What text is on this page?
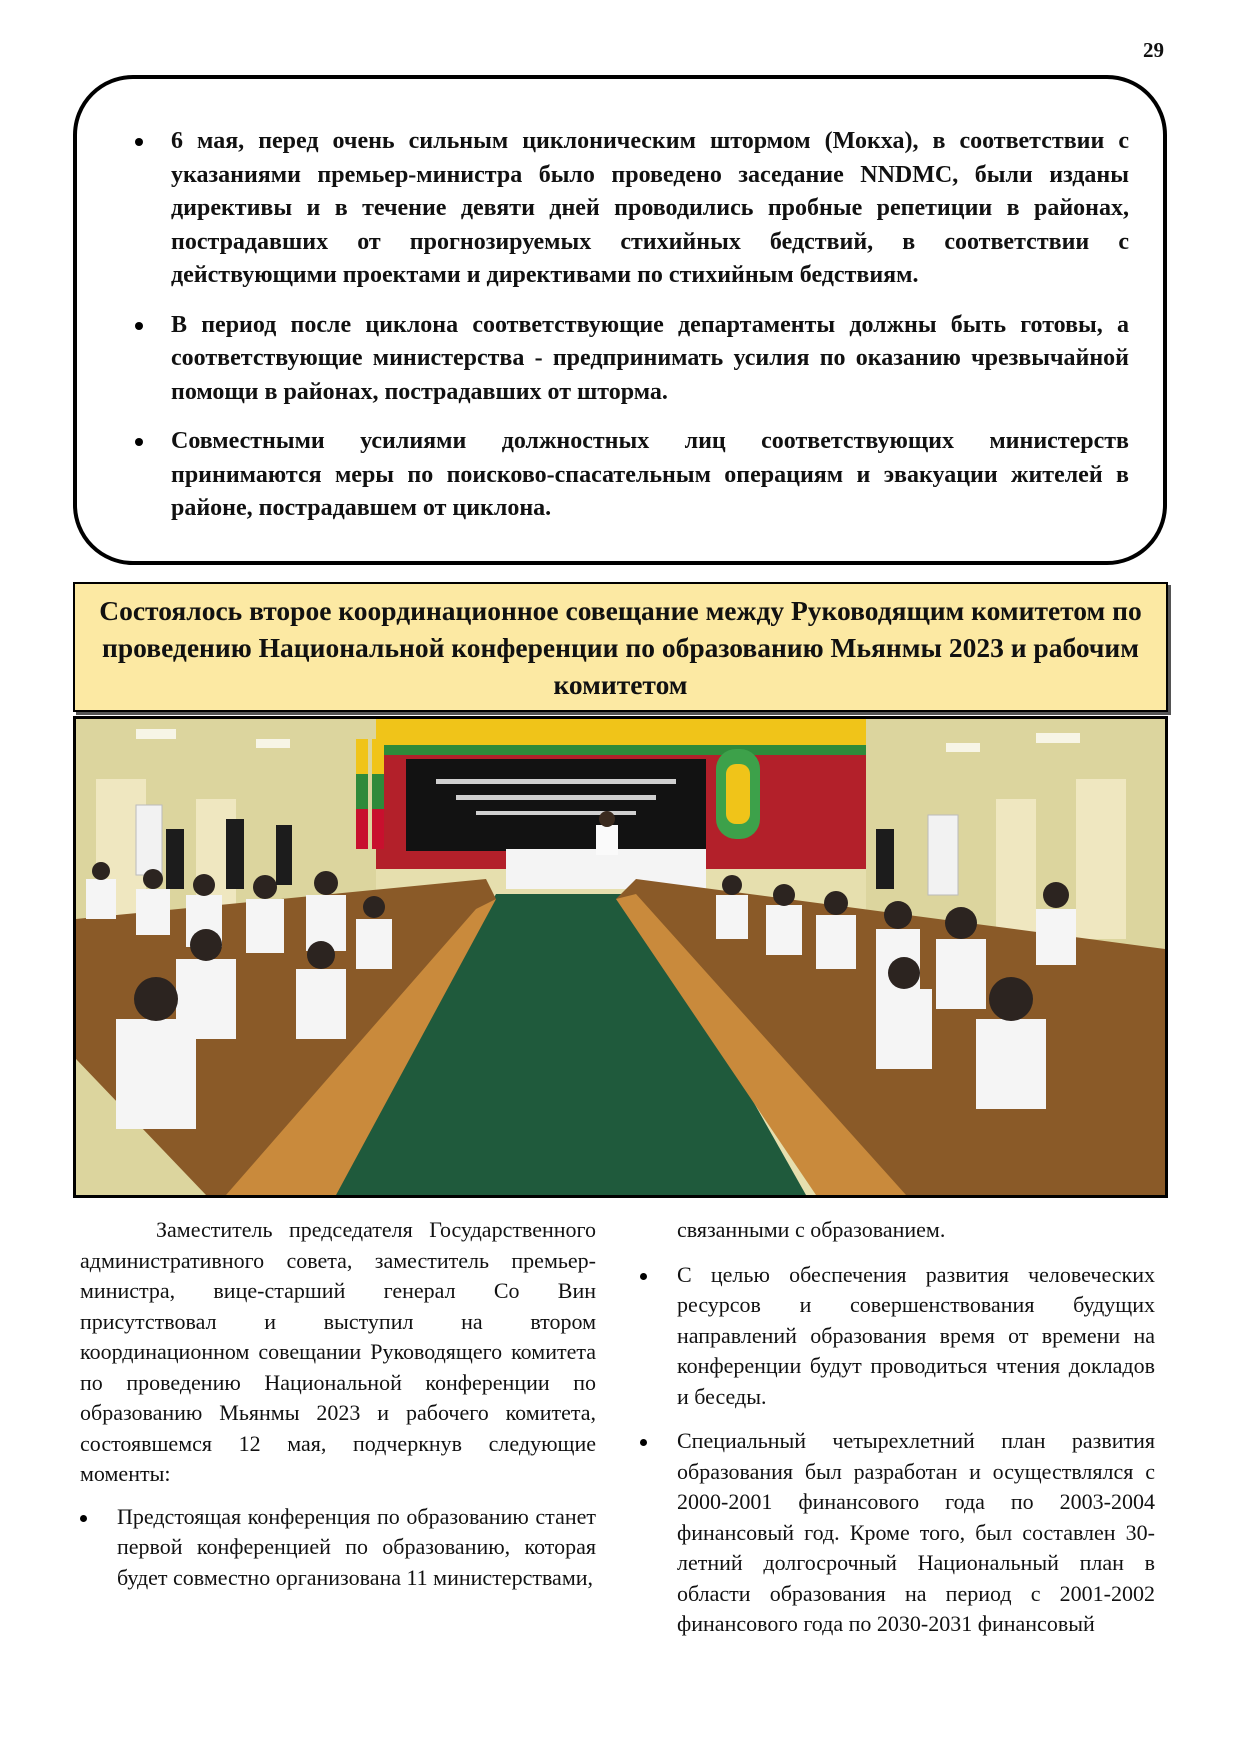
29
6 мая, перед очень сильным циклоническим штормом (Мокха), в соответствии с указаниями премьер-министра было проведено заседание NNDMC, были изданы директивы и в течение девяти дней проводились пробные репетиции в районах, пострадавших от прогнозируемых стихийных бедствий, в соответствии с действующими проектами и директивами по стихийным бедствиям.
В период после циклона соответствующие департаменты должны быть готовы, а соответствующие министерства - предпринимать усилия по оказанию чрезвычайной помощи в районах, пострадавших от шторма.
Совместными усилиями должностных лиц соответствующих министерств принимаются меры по поисково-спасательным операциям и эвакуации жителей в районе, пострадавшем от циклона.
Состоялось второе координационное совещание между Руководящим комитетом по проведению Национальной конференции по образованию Мьянмы 2023 и рабочим комитетом

Заместитель председателя Государственного административного совета, заместитель премьер-министра, вице-старший генерал Со Вин присутствовал и выступил на втором координационном совещании Руководящего комитета по проведению Национальной конференции по образованию Мьянмы 2023 и рабочего комитета, состоявшемся 12 мая, подчеркнув следующие моменты:

Предстоящая конференция по образованию станет первой конференцией по образованию, которая будет совместно организована 11 министерствами,

связанными с образованием.

С целью обеспечения развития человеческих ресурсов и совершенствования будущих направлений образования время от времени на конференции будут проводиться чтения докладов и беседы.
Специальный четырехлетний план развития образования был разработан и осуществлялся с 2000-2001 финансового года по 2003-2004 финансовый год. Кроме того, был составлен 30-летний долгосрочный Национальный план в области образования на период с 2001-2002 финансового года по 2030-2031 финансовый
